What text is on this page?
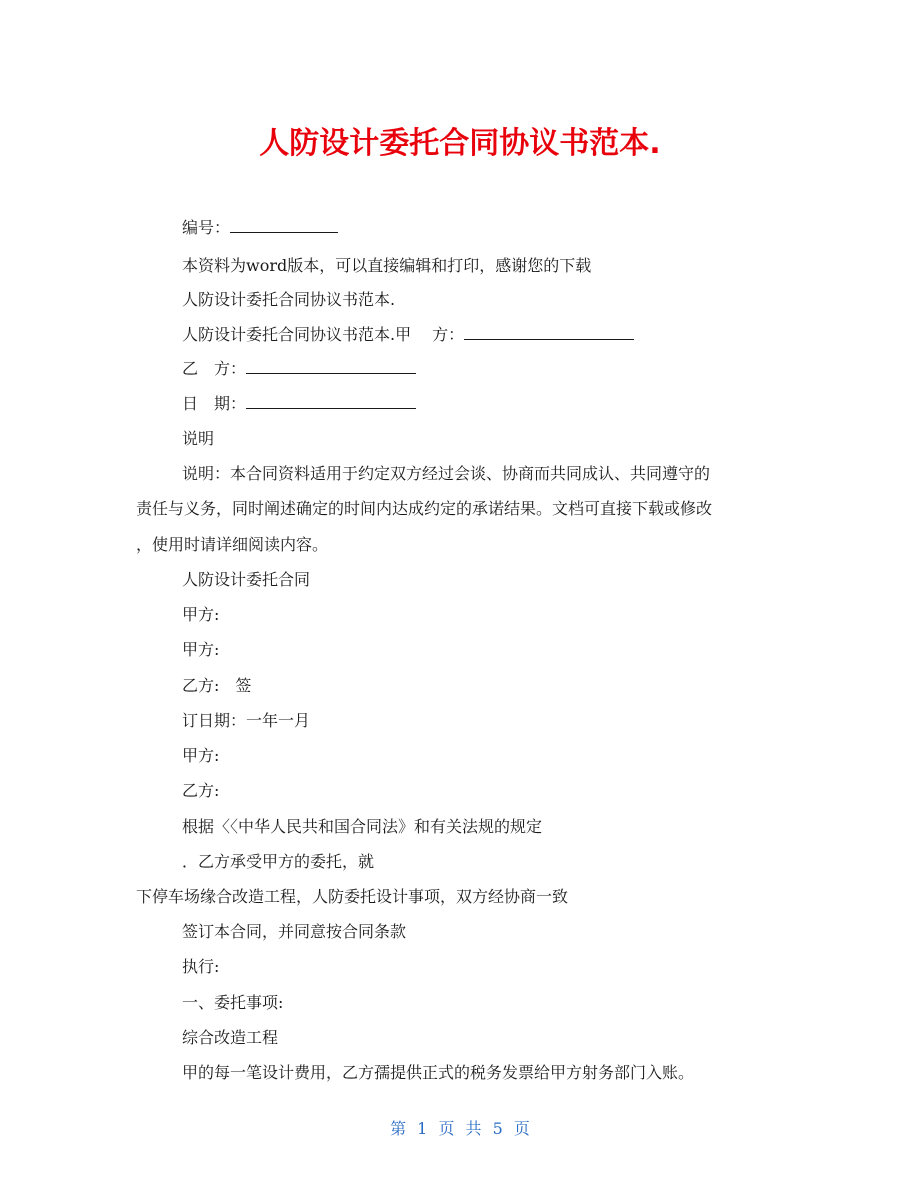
人防设计委托合同协议书范本.
编号：
本资料为word版本，可以直接编辑和打印，感谢您的下载
人防设计委托合同协议书范本.
人防设计委托合同协议书范本.甲　 方：
乙　方：
日　期：
说明
说明：本合同资料适用于约定双方经过会谈、协商而共同成认、共同遵守的
责任与义务，同时阐述确定的时间内达成约定的承诺结果。文档可直接下载或修改
，使用时请详细阅读内容。
人防设计委托合同
甲方:
甲方:
乙方:　签
订日期：一年一月
甲方:
乙方:
根据〈〈中华人民共和国合同法》和有关法规的规定
．乙方承受甲方的委托，就
下停车场缘合改造工程，人防委托设计事项，双方经协商一致
签订本合同，并同意按合同条款
执行:
一、委托事项:
综合改造工程
甲的每一笔设计费用，乙方孺提供正式的税务发票给甲方射务部门入账。
第 1 页 共 5 页
